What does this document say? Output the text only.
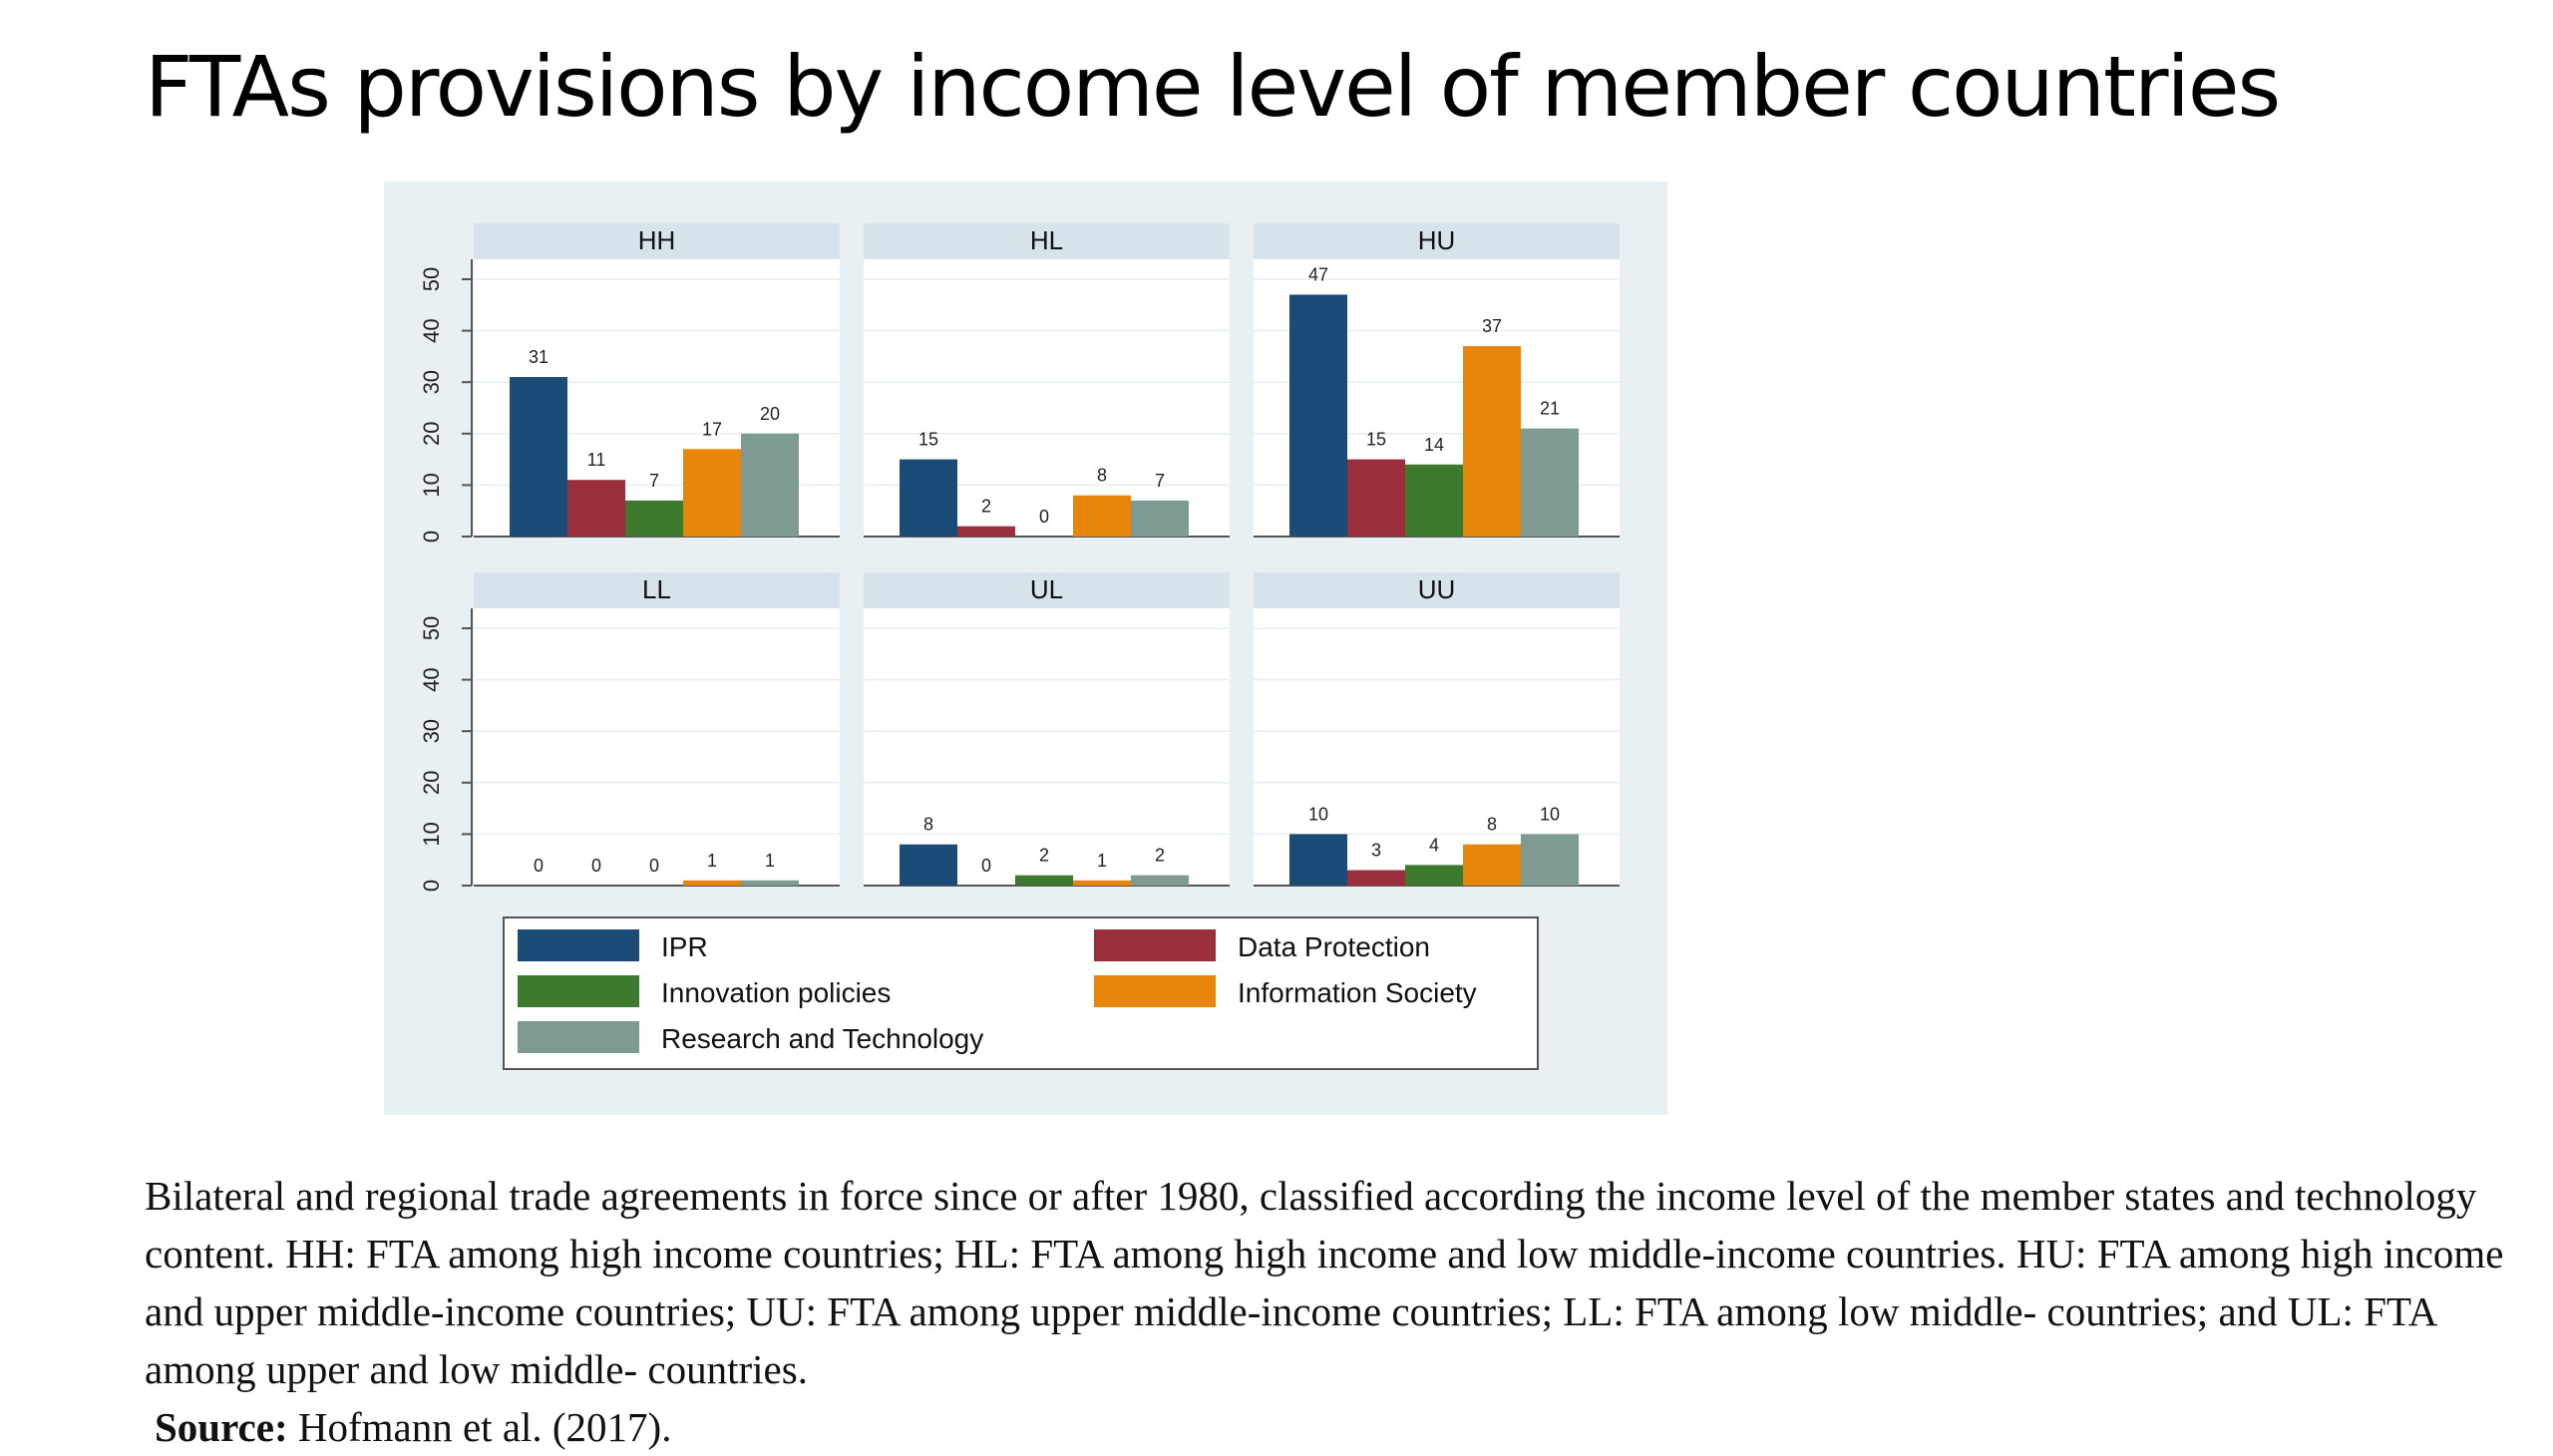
FTAs provisions by income level of member countries
HH
0
10
20
30
40
50
31
11
7
17
20
HL
15
2
0
8	7
HU
47
15 14
37
21
LL
0
10
20
30
40
50
0	0	0	1	1
UL
8
0
2	1	2
UU
10
3	4
8
10
IPR	Data Protection
Innovation policies	Information Society
Research and Technology

Bilateral and regional trade agreements in force since or after 1980, classified according the income level of the member states and technology content. HH: FTA among high income countries; HL: FTA among high income and low middle-income countries. HU: FTA among high income and upper middle-income countries; UU: FTA among upper middle-income countries; LL: FTA among low middle- countries; and UL: FTA among upper and low middle- countries.

Source: Hofmann et al. (2017).
